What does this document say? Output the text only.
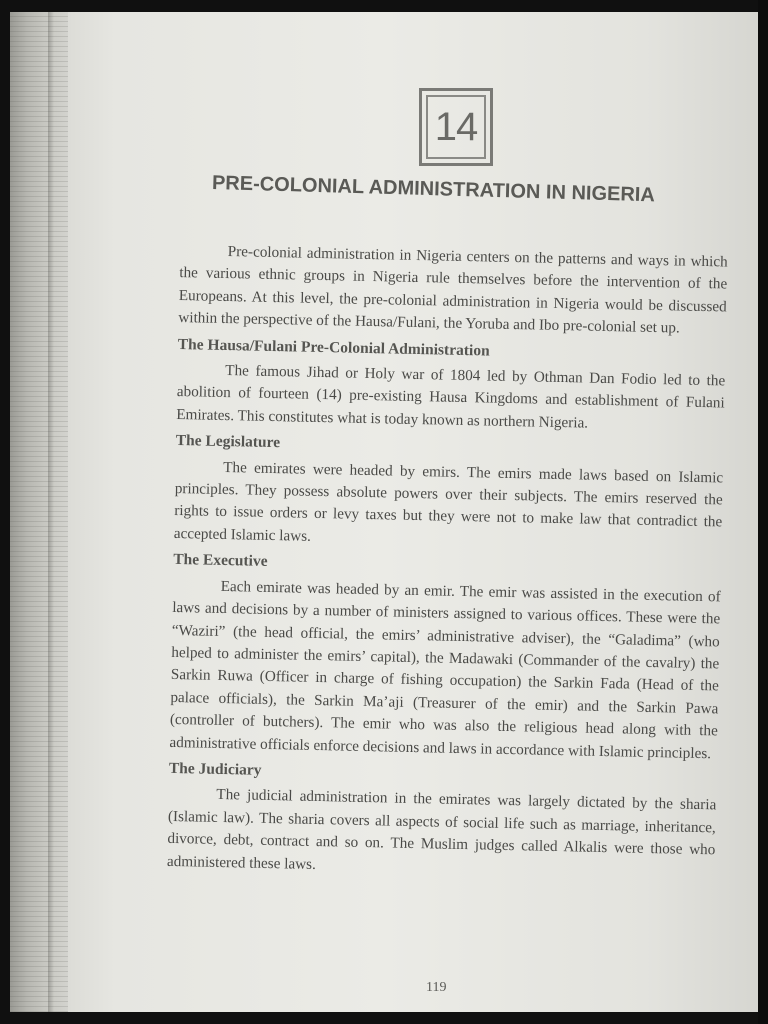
14
PRE-COLONIAL ADMINISTRATION IN NIGERIA

Pre-colonial administration in Nigeria centers on the patterns and ways in which the various ethnic groups in Nigeria rule themselves before the intervention of the Europeans. At this level, the pre-colonial administration in Nigeria would be discussed within the perspective of the Hausa/Fulani, the Yoruba and Ibo pre-colonial set up.

The Hausa/Fulani Pre-Colonial Administration

The famous Jihad or Holy war of 1804 led by Othman Dan Fodio led to the abolition of fourteen (14) pre-existing Hausa Kingdoms and establishment of Fulani Emirates. This constitutes what is today known as northern Nigeria.

The Legislature

The emirates were headed by emirs. The emirs made laws based on Islamic principles. They possess absolute powers over their subjects. The emirs reserved the rights to issue orders or levy taxes but they were not to make law that contradict the accepted Islamic laws.

The Executive

Each emirate was headed by an emir. The emir was assisted in the execution of laws and decisions by a number of ministers assigned to various offices. These were the “Waziri” (the head official, the emirs’ administrative adviser), the “Galadima” (who helped to administer the emirs’ capital), the Madawaki (Commander of the cavalry) the Sarkin Ruwa (Officer in charge of fishing occupation) the Sarkin Fada (Head of the palace officials), the Sarkin Ma’aji (Treasurer of the emir) and the Sarkin Pawa (controller of butchers). The emir who was also the religious head along with the administrative officials enforce decisions and laws in accordance with Islamic principles.

The Judiciary

The judicial administration in the emirates was largely dictated by the sharia (Islamic law). The sharia covers all aspects of social life such as marriage, inheritance, divorce, debt, contract and so on. The Muslim judges called Alkalis were those who administered these laws.

119
